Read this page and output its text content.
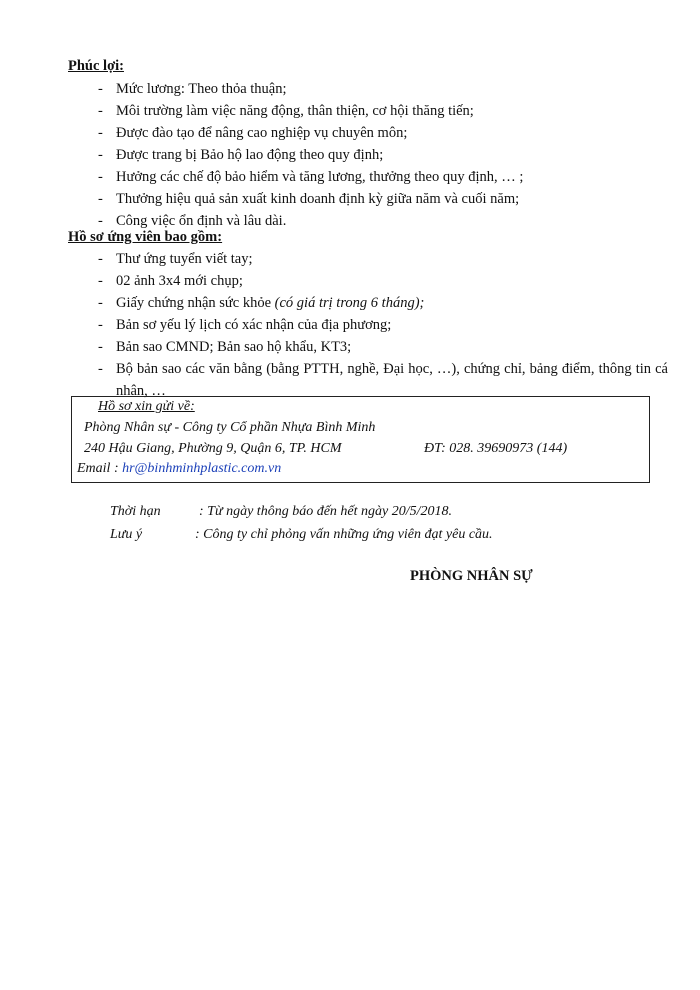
Phúc lợi:
- Mức lương: Theo thỏa thuận;
- Môi trường làm việc năng động, thân thiện, cơ hội thăng tiến;
- Được đào tạo để nâng cao nghiệp vụ chuyên môn;
- Được trang bị Bảo hộ lao động theo quy định;
- Hưởng các chế độ bảo hiểm và tăng lương, thưởng theo quy định, … ;
- Thưởng hiệu quả sản xuất kinh doanh định kỳ giữa năm và cuối năm;
- Công việc ổn định và lâu dài.
Hồ sơ ứng viên bao gồm:
- Thư ứng tuyển viết tay;
- 02 ảnh 3x4 mới chụp;
- Giấy chứng nhận sức khỏe (có giá trị trong 6 tháng);
- Bản sơ yếu lý lịch có xác nhận của địa phương;
- Bản sao CMND; Bản sao hộ khẩu, KT3;
- Bộ bản sao các văn bằng (bằng PTTH, nghề, Đại học, …), chứng chỉ, bảng điểm, thông tin cá nhân, …
Hồ sơ xin gửi về:
Phòng Nhân sự - Công ty Cổ phần Nhựa Bình Minh
240 Hậu Giang, Phường 9, Quận 6, TP. HCM	ĐT: 028. 39690973 (144)
Email : hr@binhminhplastic.com.vn
Thời hạn	: Từ ngày thông báo đến hết ngày 20/5/2018.
Lưu ý	: Công ty chỉ phỏng vấn những ứng viên đạt yêu cầu.
PHÒNG NHÂN SỰ
